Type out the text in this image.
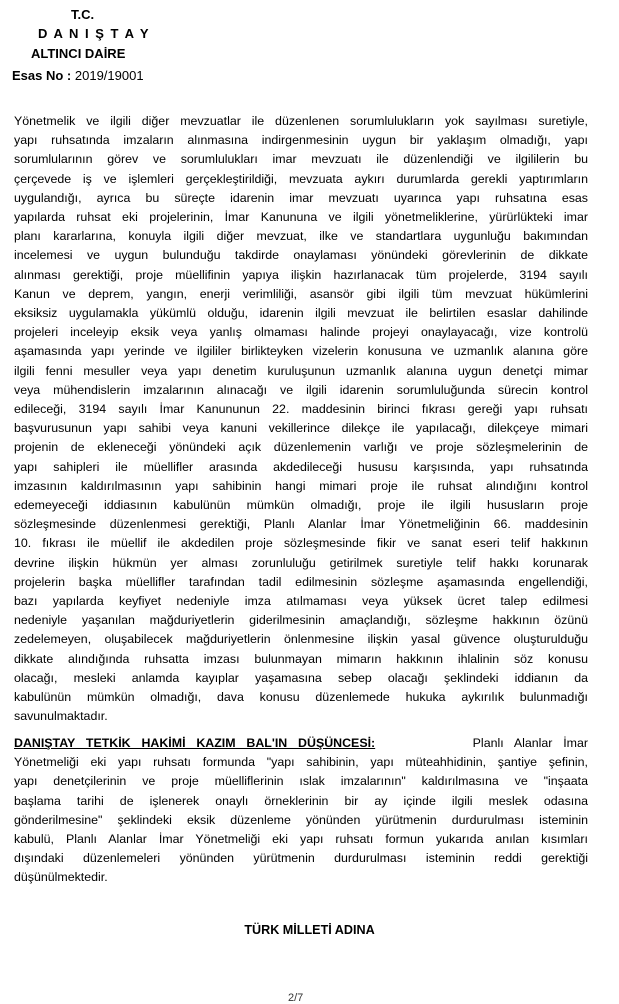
T.C.
D A N I Ş T A Y
ALTINCI DAİRE
Esas No : 2019/19001
Yönetmelik ve ilgili diğer mevzuatlar ile düzenlenen sorumlulukların yok sayılması suretiyle,
yapı ruhsatında imzaların alınmasına indirgenmesinin uygun bir yaklaşım olmadığı, yapı
sorumlularının görev ve sorumlulukları imar mevzuatı ile düzenlendiği ve ilgililerin bu
çerçevede iş ve işlemleri gerçekleştirildiği, mevzuata aykırı durumlarda gerekli yaptırımların
uygulandığı, ayrıca bu süreçte idarenin imar mevzuatı uyarınca yapı ruhsatına esas
yapılarda ruhsat eki projelerinin, İmar Kanununa ve ilgili yönetmeliklerine, yürürlükteki imar
planı kararlarına, konuyla ilgili diğer mevzuat, ilke ve standartlara uygunluğu bakımından
incelemesi ve uygun bulunduğu takdirde onaylaması yönündeki görevlerinin de dikkate
alınması gerektiği, proje müellifinin yapıya ilişkin hazırlanacak tüm projelerde, 3194 sayılı
Kanun ve deprem, yangın, enerji verimliliği, asansör gibi ilgili tüm mevzuat hükümlerini
eksiksiz uygulamakla yükümlü olduğu, idarenin ilgili mevzuat ile belirtilen esaslar dahilinde
projeleri inceleyip eksik veya yanlış olmaması halinde projeyi onaylayacağı, vize kontrolü
aşamasında yapı yerinde ve ilgililer birlikteyken vizelerin konusuna ve uzmanlık alanına göre
ilgili fenni mesuller veya yapı denetim kuruluşunun uzmanlık alanına uygun denetçi mimar
veya mühendislerin imzalarının alınacağı ve ilgili idarenin sorumluluğunda sürecin kontrol
edileceği, 3194 sayılı İmar Kanununun 22. maddesinin birinci fıkrası gereği yapı ruhsatı
başvurusunun yapı sahibi veya kanuni vekillerince dilekçe ile yapılacağı, dilekçeye mimari
projenin de ekleneceği yönündeki açık düzenlemenin varlığı ve proje sözleşmelerinin de
yapı sahipleri ile müellifler arasında akdedileceği hususu karşısında, yapı ruhsatında
imzasının kaldırılmasının yapı sahibinin hangi mimari proje ile ruhsat alındığını kontrol
edemeyeceği iddiasının kabulünün mümkün olmadığı, proje ile ilgili hususların proje
sözleşmesinde düzenlenmesi gerektiği, Planlı Alanlar İmar Yönetmeliğinin 66. maddesinin
10. fıkrası ile müellif ile akdedilen proje sözleşmesinde fikir ve sanat eseri telif hakkının
devrine ilişkin hükmün yer alması zorunluluğu getirilmek suretiyle telif hakkı korunarak
projelerin başka müellifler tarafından tadil edilmesinin sözleşme aşamasında engellendiği,
bazı yapılarda keyfiyet nedeniyle imza atılmaması veya yüksek ücret talep edilmesi
nedeniyle yaşanılan mağduriyetlerin giderilmesinin amaçlandığı, sözleşme hakkının özünü
zedelemeyen, oluşabilecek mağduriyetlerin önlenmesine ilişkin yasal güvence oluşturulduğu
dikkate alındığında ruhsatta imzası bulunmayan mimarın hakkının ihlalinin söz konusu
olacağı, mesleki anlamda kayıplar yaşamasına sebep olacağı şeklindeki iddianın da
kabulünün mümkün olmadığı, dava konusu düzenlemede hukuka aykırılık bulunmadığı
savunulmaktadır.
DANIŞTAY TETKİK HAKİMİ KAZIM BAL'IN DÜŞÜNCESİ:	Planlı Alanlar İmar
Yönetmeliği eki yapı ruhsatı formunda "yapı sahibinin, yapı müteahhidinin, şantiye şefinin,
yapı denetçilerinin ve proje müelliflerinin ıslak imzalarının" kaldırılmasına ve "inşaata
başlama tarihi de işlenerek onaylı örneklerinin bir ay içinde ilgili meslek odasına
gönderilmesine" şeklindeki eksik düzenleme yönünden yürütmenin durdurulması isteminin
kabulü, Planlı Alanlar İmar Yönetmeliği eki yapı ruhsatı formun yukarıda anılan kısımları
dışındaki düzenlemeleri yönünden yürütmenin durdurulması isteminin reddi gerektiği
düşünülmektedir.
TÜRK MİLLETİ ADINA
2/7
